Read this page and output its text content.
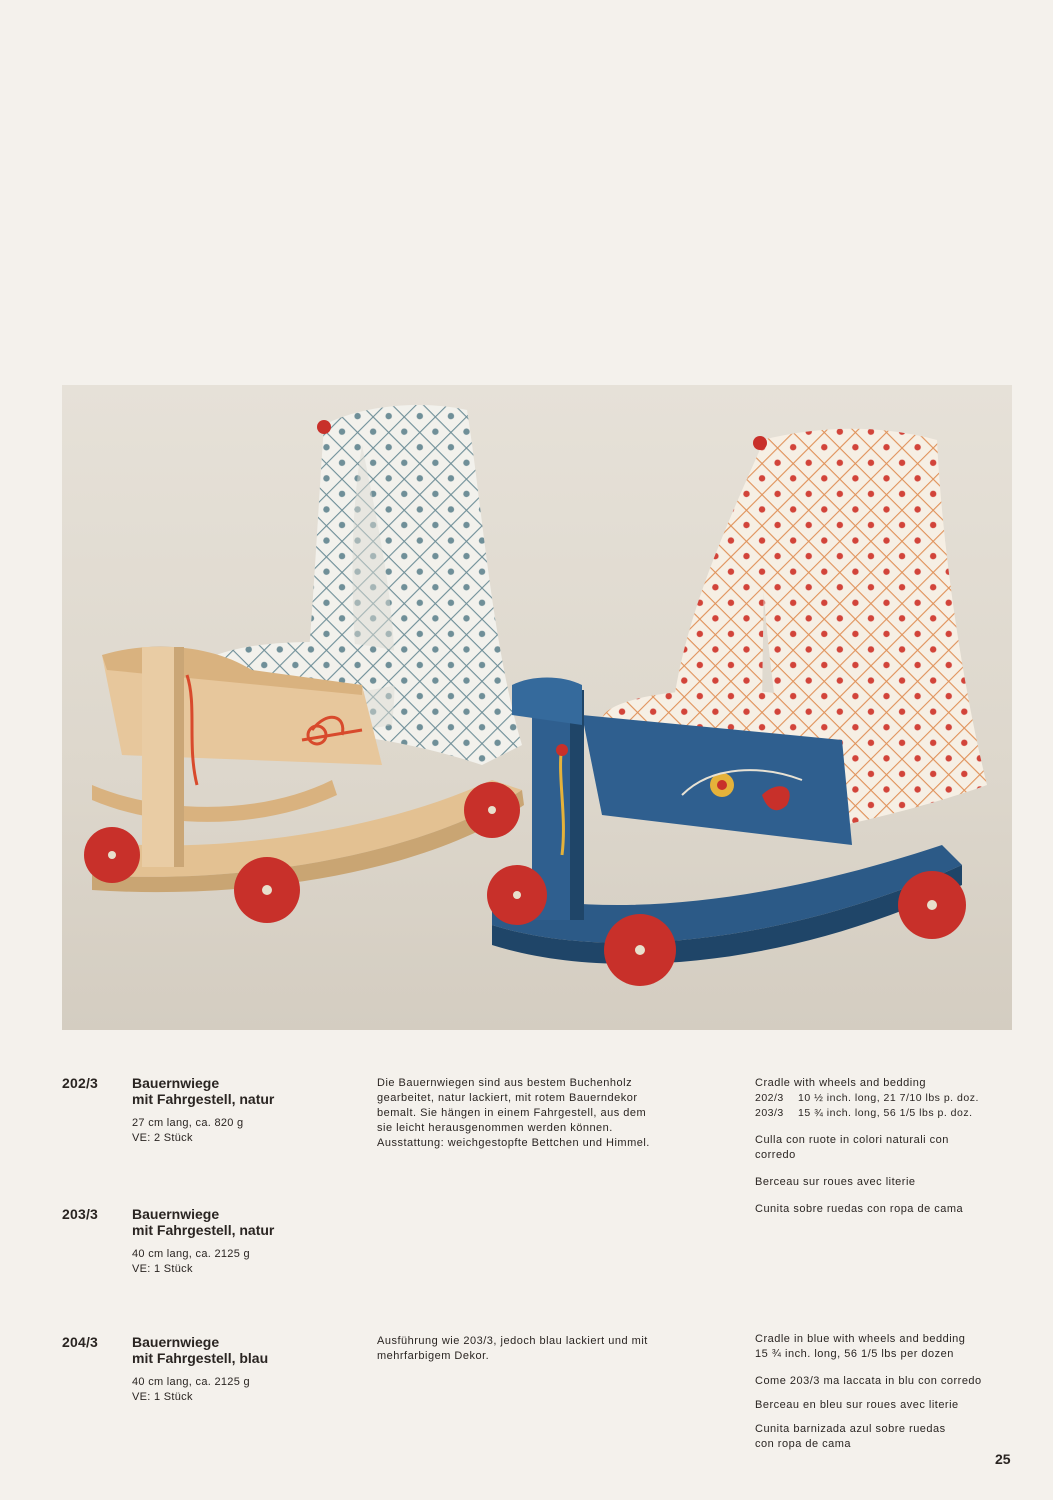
202/3 Bauernwiege
mit Fahrgestell, natur
27 cm lang, ca. 820 g
VE: 2 Stück
Die Bauernwiegen sind aus bestem Buchenholz
gearbeitet, natur lackiert, mit rotem Bauerndekor
bemalt. Sie hängen in einem Fahrgestell, aus dem
sie leicht herausgenommen werden können.
Ausstattung: weichgestopfte Bettchen und Himmel.
Cradle with wheels and bedding
202/3 10 ½ inch. long, 21 7/10 lbs p. doz.
203/3 15 ¾ inch. long, 56 1/5 lbs p. doz.
Culla con ruote in colori naturali con
corredo
Berceau sur roues avec literie
Cunita sobre ruedas con ropa de cama
203/3 Bauernwiege
mit Fahrgestell, natur
40 cm lang, ca. 2125 g
VE: 1 Stück
204/3 Bauernwiege
mit Fahrgestell, blau
40 cm lang, ca. 2125 g
VE: 1 Stück
Ausführung wie 203/3, jedoch blau lackiert und mit
mehrfarbigem Dekor.
Cradle in blue with wheels and bedding
15 ¾ inch. long, 56 1/5 lbs per dozen
Come 203/3 ma laccata in blu con corredo
Berceau en bleu sur roues avec literie
Cunita barnizada azul sobre ruedas
con ropa de cama
25
